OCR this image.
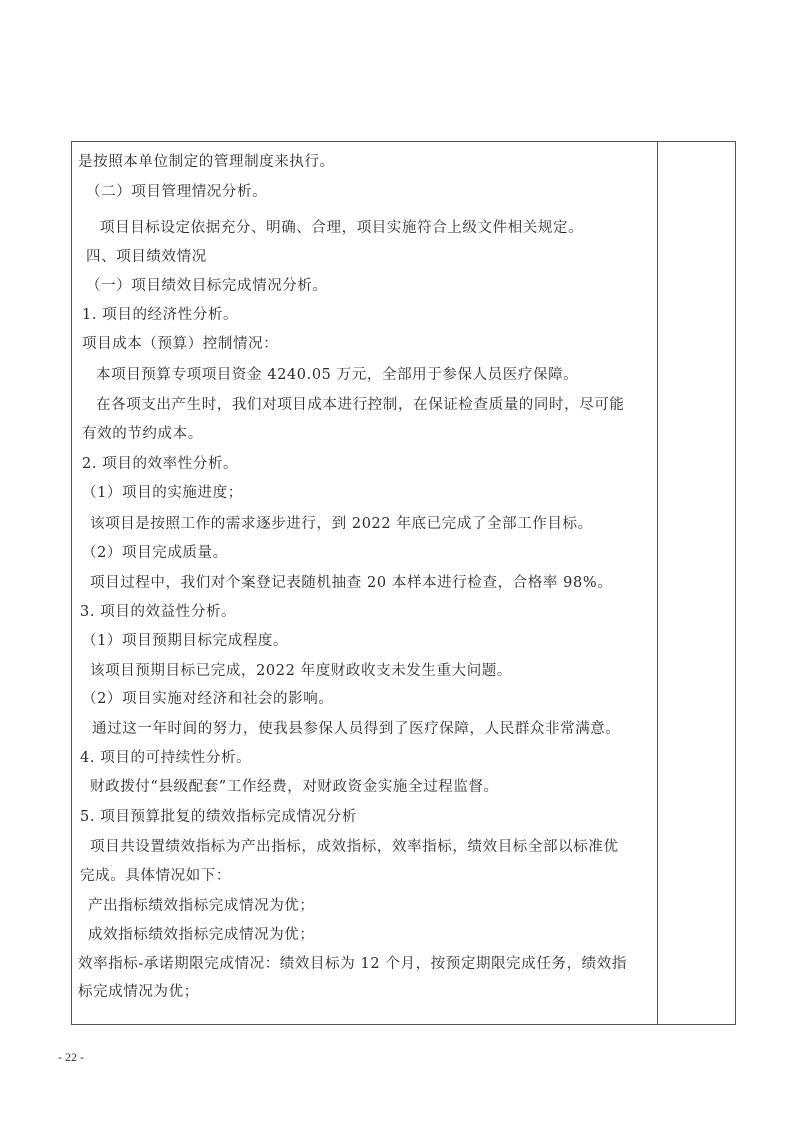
是按照本单位制定的管理制度来执行。
（二）项目管理情况分析。
项目目标设定依据充分、明确、合理，项目实施符合上级文件相关规定。
四、项目绩效情况
（一）项目绩效目标完成情况分析。
1. 项目的经济性分析。
项目成本（预算）控制情况：
本项目预算专项项目资金 4240.05 万元，全部用于参保人员医疗保障。
在各项支出产生时，我们对项目成本进行控制，在保证检查质量的同时，尽可能
有效的节约成本。
2. 项目的效率性分析。
（1）项目的实施进度；
该项目是按照工作的需求逐步进行，到 2022 年底已完成了全部工作目标。
（2）项目完成质量。
项目过程中，我们对个案登记表随机抽查 20 本样本进行检查，合格率 98%。
3. 项目的效益性分析。
（1）项目预期目标完成程度。
该项目预期目标已完成，2022 年度财政收支未发生重大问题。
（2）项目实施对经济和社会的影响。
通过这一年时间的努力，使我县参保人员得到了医疗保障，人民群众非常满意。
4. 项目的可持续性分析。
财政拨付“县级配套”工作经费，对财政资金实施全过程监督。
5. 项目预算批复的绩效指标完成情况分析
项目共设置绩效指标为产出指标，成效指标，效率指标，绩效目标全部以标准优
完成。具体情况如下：
产出指标绩效指标完成情况为优；
成效指标绩效指标完成情况为优；
效率指标-承诺期限完成情况：绩效目标为 12 个月，按预定期限完成任务，绩效指
标完成情况为优；
- 22 -
